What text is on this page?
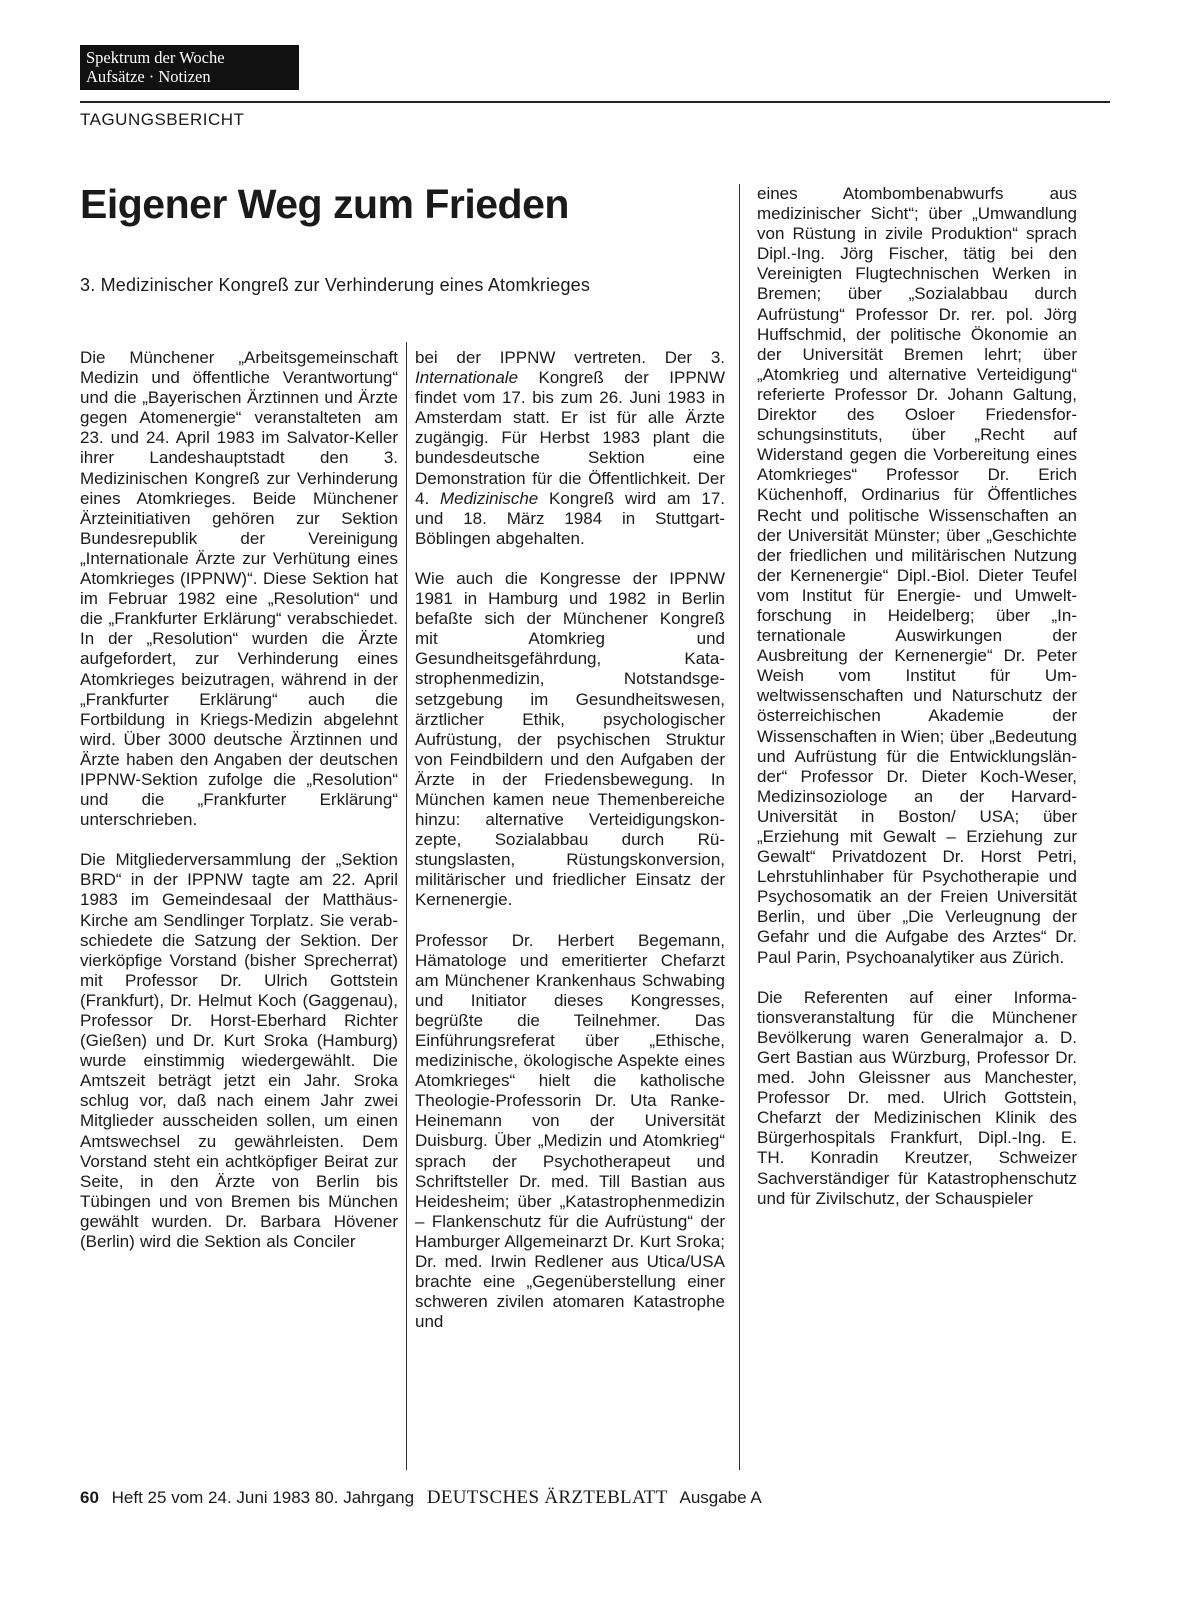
Spektrum der Woche
Aufsätze · Notizen
TAGUNGSBERICHT
Eigener Weg zum Frieden
3. Medizinischer Kongreß zur Verhinderung eines Atomkrieges

Die Münchener „Arbeitsgemeinschaft Medizin und öffentliche Verantwortung“ und die „Bayerischen Ärztinnen und Ärzte gegen Atomenergie“ veranstalteten am 23. und 24. April 1983 im Salvator-Keller ihrer Landeshauptstadt den 3. Medizinischen Kongreß zur Verhinderung eines Atomkrieges. Beide Münchener Ärzteinitiativen gehören zur Sektion Bundesrepublik der Vereinigung „Internationale Ärzte zur Verhütung eines Atomkrieges (IPPNW)“. Diese Sektion hat im Februar 1982 eine „Resolution“ und die „Frankfurter Erklärung“ verabschiedet. In der „Resolution“ wurden die Ärzte aufgefordert, zur Verhinderung eines Atomkrieges beizutragen, während in der „Frankfurter Erklärung“ auch die Fortbildung in Kriegs-Medizin abgelehnt wird. Über 3000 deutsche Ärztinnen und Ärzte haben den Angaben der deutschen IPPNW-Sektion zufolge die „Resolution“ und die „Frankfurter Erklärung“ unterschrieben.

Die Mitgliederversammlung der „Sektion BRD“ in der IPPNW tagte am 22. April 1983 im Gemeindesaal der Matthäus-Kirche am Sendlinger Torplatz. Sie verabschiedete die Satzung der Sektion. Der vierköpfige Vorstand (bisher Sprecherrat) mit Professor Dr. Ulrich Gottstein (Frankfurt), Dr. Helmut Koch (Gaggenau), Professor Dr. Horst-Eberhard Richter (Gießen) und Dr. Kurt Sroka (Hamburg) wurde einstimmig wiedergewählt. Die Amtszeit beträgt jetzt ein Jahr. Sroka schlug vor, daß nach einem Jahr zwei Mitglieder ausscheiden sollen, um einen Amtswechsel zu gewährleisten. Dem Vorstand steht ein achtköpfiger Beirat zur Seite, in den Ärzte von Berlin bis Tübingen und von Bremen bis München gewählt wurden. Dr. Barbara Hövener (Berlin) wird die Sektion als Conciler

bei der IPPNW vertreten. Der 3. Internationale Kongreß der IPPNW findet vom 17. bis zum 26. Juni 1983 in Amsterdam statt. Er ist für alle Ärzte zugängig. Für Herbst 1983 plant die bundesdeutsche Sektion eine Demonstration für die Öffentlichkeit. Der 4. Medizinische Kongreß wird am 17. und 18. März 1984 in Stuttgart-Böblingen abgehalten.

Wie auch die Kongresse der IPPNW 1981 in Hamburg und 1982 in Berlin befaßte sich der Münchener Kongreß mit Atomkrieg und Gesundheitsgefährdung, Katastrophenmedizin, Notstandsgesetzgebung im Gesundheitswesen, ärztlicher Ethik, psychologischer Aufrüstung, der psychischen Struktur von Feindbildern und den Aufgaben der Ärzte in der Friedensbewegung. In München kamen neue Themenbereiche hinzu: alternative Verteidigungskonzepte, Sozialabbau durch Rüstungslasten, Rüstungskonversion, militärischer und friedlicher Einsatz der Kernenergie.

Professor Dr. Herbert Begemann, Hämatologe und emeritierter Chefarzt am Münchener Krankenhaus Schwabing und Initiator dieses Kongresses, begrüßte die Teilnehmer. Das Einführungsreferat über „Ethische, medizinische, ökologische Aspekte eines Atomkrieges“ hielt die katholische Theologie-Professorin Dr. Uta Ranke-Heinemann von der Universität Duisburg. Über „Medizin und Atomkrieg“ sprach der Psychotherapeut und Schriftsteller Dr. med. Till Bastian aus Heidesheim; über „Katastrophenmedizin – Flankenschutz für die Aufrüstung“ der Hamburger Allgemeinarzt Dr. Kurt Sroka; Dr. med. Irwin Redlener aus Utica/USA brachte eine „Gegenüberstellung einer schweren zivilen atomaren Katastrophe und

eines Atombombenabwurfs aus medizinischer Sicht“; über „Umwandlung von Rüstung in zivile Produktion“ sprach Dipl.-Ing. Jörg Fischer, tätig bei den Vereinigten Flugtechnischen Werken in Bremen; über „Sozialabbau durch Aufrüstung“ Professor Dr. rer. pol. Jörg Huffschmid, der politische Ökonomie an der Universität Bremen lehrt; über „Atomkrieg und alternative Verteidigung“ referierte Professor Dr. Johann Galtung, Direktor des Osloer Friedensforschungsinstituts, über „Recht auf Widerstand gegen die Vorbereitung eines Atomkrieges“ Professor Dr. Erich Küchenhoff, Ordinarius für Öffentliches Recht und politische Wissenschaften an der Universität Münster; über „Geschichte der friedlichen und militärischen Nutzung der Kernenergie“ Dipl.-Biol. Dieter Teufel vom Institut für Energie- und Umweltforschung in Heidelberg; über „Internationale Auswirkungen der Ausbreitung der Kernenergie“ Dr. Peter Weish vom Institut für Umweltwissenschaften und Naturschutz der österreichischen Akademie der Wissenschaften in Wien; über „Bedeutung und Aufrüstung für die Entwicklungsländer“ Professor Dr. Dieter Koch-Weser, Medizinsoziologe an der Harvard-Universität in Boston/ USA; über „Erziehung mit Gewalt – Erziehung zur Gewalt“ Privatdozent Dr. Horst Petri, Lehrstuhlinhaber für Psychotherapie und Psychosomatik an der Freien Universität Berlin, und über „Die Verleugnung der Gefahr und die Aufgabe des Arztes“ Dr. Paul Parin, Psychoanalytiker aus Zürich.

Die Referenten auf einer Informationsveranstaltung für die Münchener Bevölkerung waren Generalmajor a. D. Gert Bastian aus Würzburg, Professor Dr. med. John Gleissner aus Manchester, Professor Dr. med. Ulrich Gottstein, Chefarzt der Medizinischen Klinik des Bürgerhospitals Frankfurt, Dipl.-Ing. E. TH. Konradin Kreutzer, Schweizer Sachverständiger für Katastrophenschutz und für Zivilschutz, der Schauspieler

60 Heft 25 vom 24. Juni 1983 80. Jahrgang DEUTSCHES ÄRZTEBLATT Ausgabe A
